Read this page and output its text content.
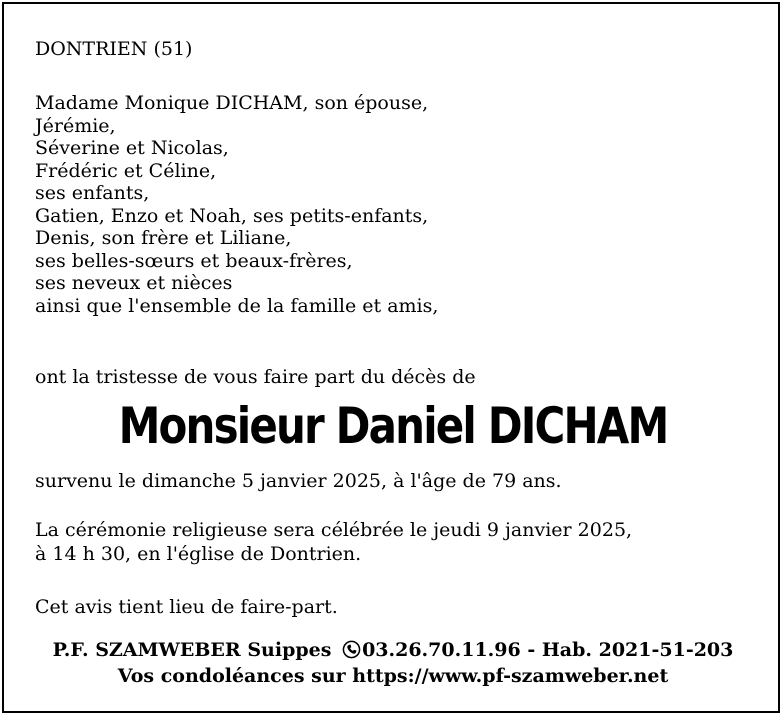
DONTRIEN (51)
Madame Monique DICHAM, son épouse,
Jérémie,
Séverine et Nicolas,
Frédéric et Céline,
ses enfants,
Gatien, Enzo et Noah, ses petits-enfants,
Denis, son frère et Liliane,
ses belles-sœurs et beaux-frères,
ses neveux et nièces
ainsi que l'ensemble de la famille et amis,
ont la tristesse de vous faire part du décès de
Monsieur Daniel DICHAM
survenu le dimanche 5 janvier 2025, à l'âge de 79 ans.
La cérémonie religieuse sera célébrée le jeudi 9 janvier 2025,
à 14 h 30, en l'église de Dontrien.
Cet avis tient lieu de faire-part.
P.F. SZAMWEBER Suippes 03.26.70.11.96 - Hab. 2021-51-203
Vos condoléances sur https://www.pf-szamweber.net
